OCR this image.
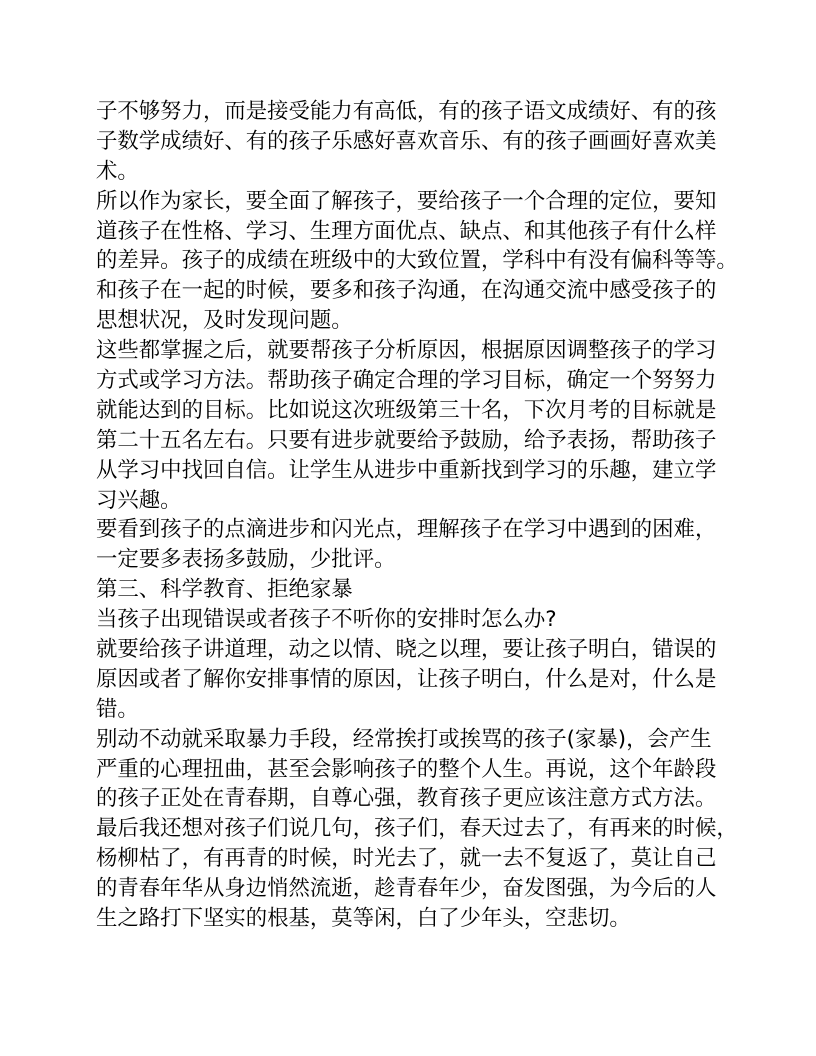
子不够努力，而是接受能力有高低，有的孩子语文成绩好、有的孩
子数学成绩好、有的孩子乐感好喜欢音乐、有的孩子画画好喜欢美
术。
所以作为家长，要全面了解孩子，要给孩子一个合理的定位，要知
道孩子在性格、学习、生理方面优点、缺点、和其他孩子有什么样
的差异。孩子的成绩在班级中的大致位置，学科中有没有偏科等等。
和孩子在一起的时候，要多和孩子沟通，在沟通交流中感受孩子的
思想状况，及时发现问题。
这些都掌握之后，就要帮孩子分析原因，根据原因调整孩子的学习
方式或学习方法。帮助孩子确定合理的学习目标，确定一个努努力
就能达到的目标。比如说这次班级第三十名，下次月考的目标就是
第二十五名左右。只要有进步就要给予鼓励，给予表扬，帮助孩子
从学习中找回自信。让学生从进步中重新找到学习的乐趣，建立学
习兴趣。
要看到孩子的点滴进步和闪光点，理解孩子在学习中遇到的困难，
一定要多表扬多鼓励，少批评。
第三、科学教育、拒绝家暴
当孩子出现错误或者孩子不听你的安排时怎么办?
就要给孩子讲道理，动之以情、晓之以理，要让孩子明白，错误的
原因或者了解你安排事情的原因，让孩子明白，什么是对，什么是
错。
别动不动就采取暴力手段，经常挨打或挨骂的孩子(家暴)，会产生
严重的心理扭曲，甚至会影响孩子的整个人生。再说，这个年龄段
的孩子正处在青春期，自尊心强，教育孩子更应该注意方式方法。
最后我还想对孩子们说几句，孩子们，春天过去了，有再来的时候，
杨柳枯了，有再青的时候，时光去了，就一去不复返了，莫让自己
的青春年华从身边悄然流逝，趁青春年少，奋发图强，为今后的人
生之路打下坚实的根基，莫等闲，白了少年头，空悲切。
